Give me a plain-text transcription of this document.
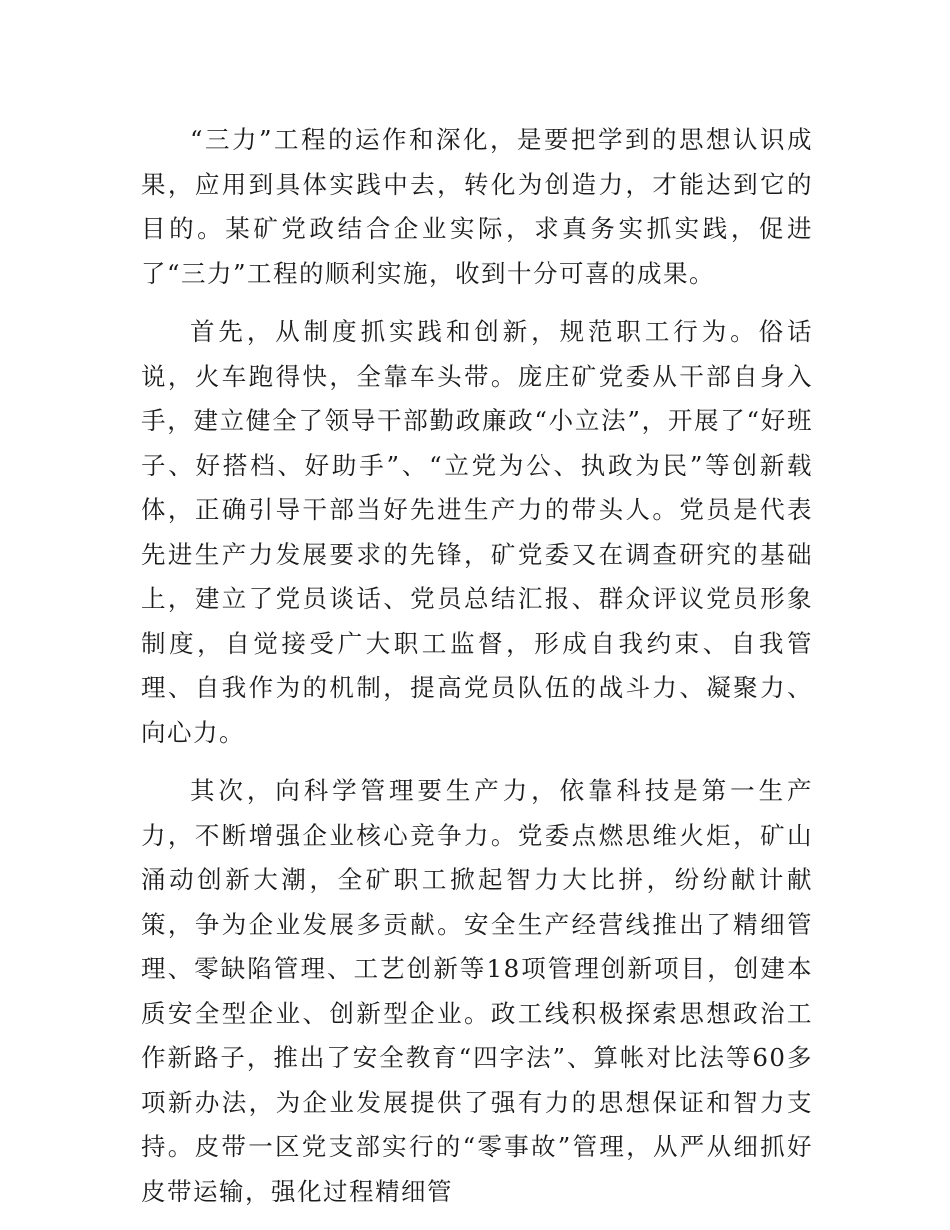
“三力”工程的运作和深化，是要把学到的思想认识成果，应用到具体实践中去，转化为创造力，才能达到它的目的。某矿党政结合企业实际，求真务实抓实践，促进了“三力”工程的顺利实施，收到十分可喜的成果。

首先，从制度抓实践和创新，规范职工行为。俗话说，火车跑得快，全靠车头带。庞庄矿党委从干部自身入手，建立健全了领导干部勤政廉政“小立法”，开展了“好班子、好搭档、好助手”、“立党为公、执政为民”等创新载体，正确引导干部当好先进生产力的带头人。党员是代表先进生产力发展要求的先锋，矿党委又在调查研究的基础上，建立了党员谈话、党员总结汇报、群众评议党员形象制度，自觉接受广大职工监督，形成自我约束、自我管理、自我作为的机制，提高党员队伍的战斗力、凝聚力、向心力。

其次，向科学管理要生产力，依靠科技是第一生产力，不断增强企业核心竞争力。党委点燃思维火炬，矿山涌动创新大潮，全矿职工掀起智力大比拼，纷纷献计献策，争为企业发展多贡献。安全生产经营线推出了精细管理、零缺陷管理、工艺创新等18项管理创新项目，创建本质安全型企业、创新型企业。政工线积极探索思想政治工作新路子，推出了安全教育“四字法”、算帐对比法等60多项新办法，为企业发展提供了强有力的思想保证和智力支持。皮带一区党支部实行的“零事故”管理，从严从细抓好皮带运输，强化过程精细管
